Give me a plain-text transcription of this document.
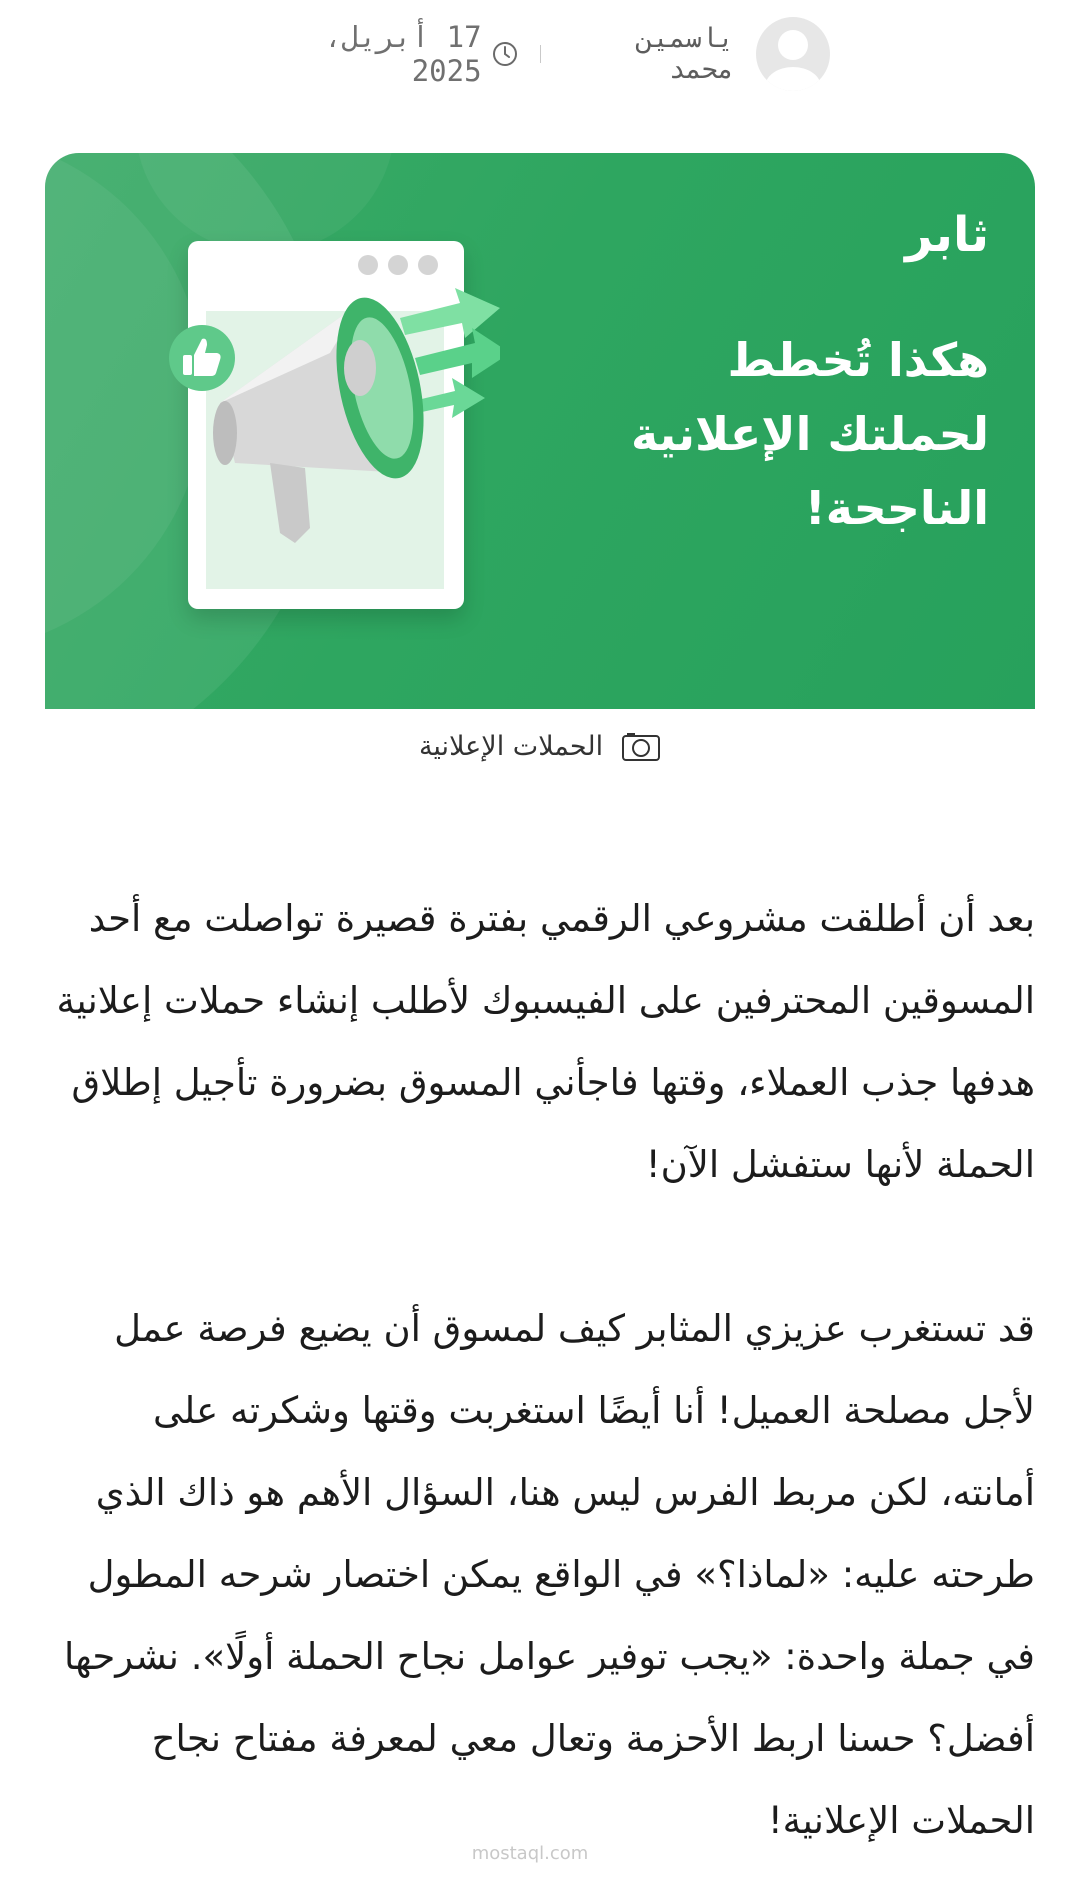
ياسمين محمد
17 أبريل، 2025
ثابر
هكذا تُخطط
لحملتك الإعلانية
الناجحة!
الحملات الإعلانية

بعد أن أطلقت مشروعي الرقمي بفترة قصيرة تواصلت مع أحد المسوقين المحترفين على الفيسبوك لأطلب إنشاء حملات إعلانية هدفها جذب العملاء، وقتها فاجأني المسوق بضرورة تأجيل إطلاق الحملة لأنها ستفشل الآن!

قد تستغرب عزيزي المثابر كيف لمسوق أن يضيع فرصة عمل لأجل مصلحة العميل! أنا أيضًا استغربت وقتها وشكرته على أمانته، لكن مربط الفرس ليس هنا، السؤال الأهم هو ذاك الذي طرحته عليه: «لماذا؟» في الواقع يمكن اختصار شرحه المطول في جملة واحدة: «يجب توفير عوامل نجاح الحملة أولًا». نشرحها أفضل؟ حسنا اربط الأحزمة وتعال معي لمعرفة مفتاح نجاح الحملات الإعلانية!

mostaql.com
